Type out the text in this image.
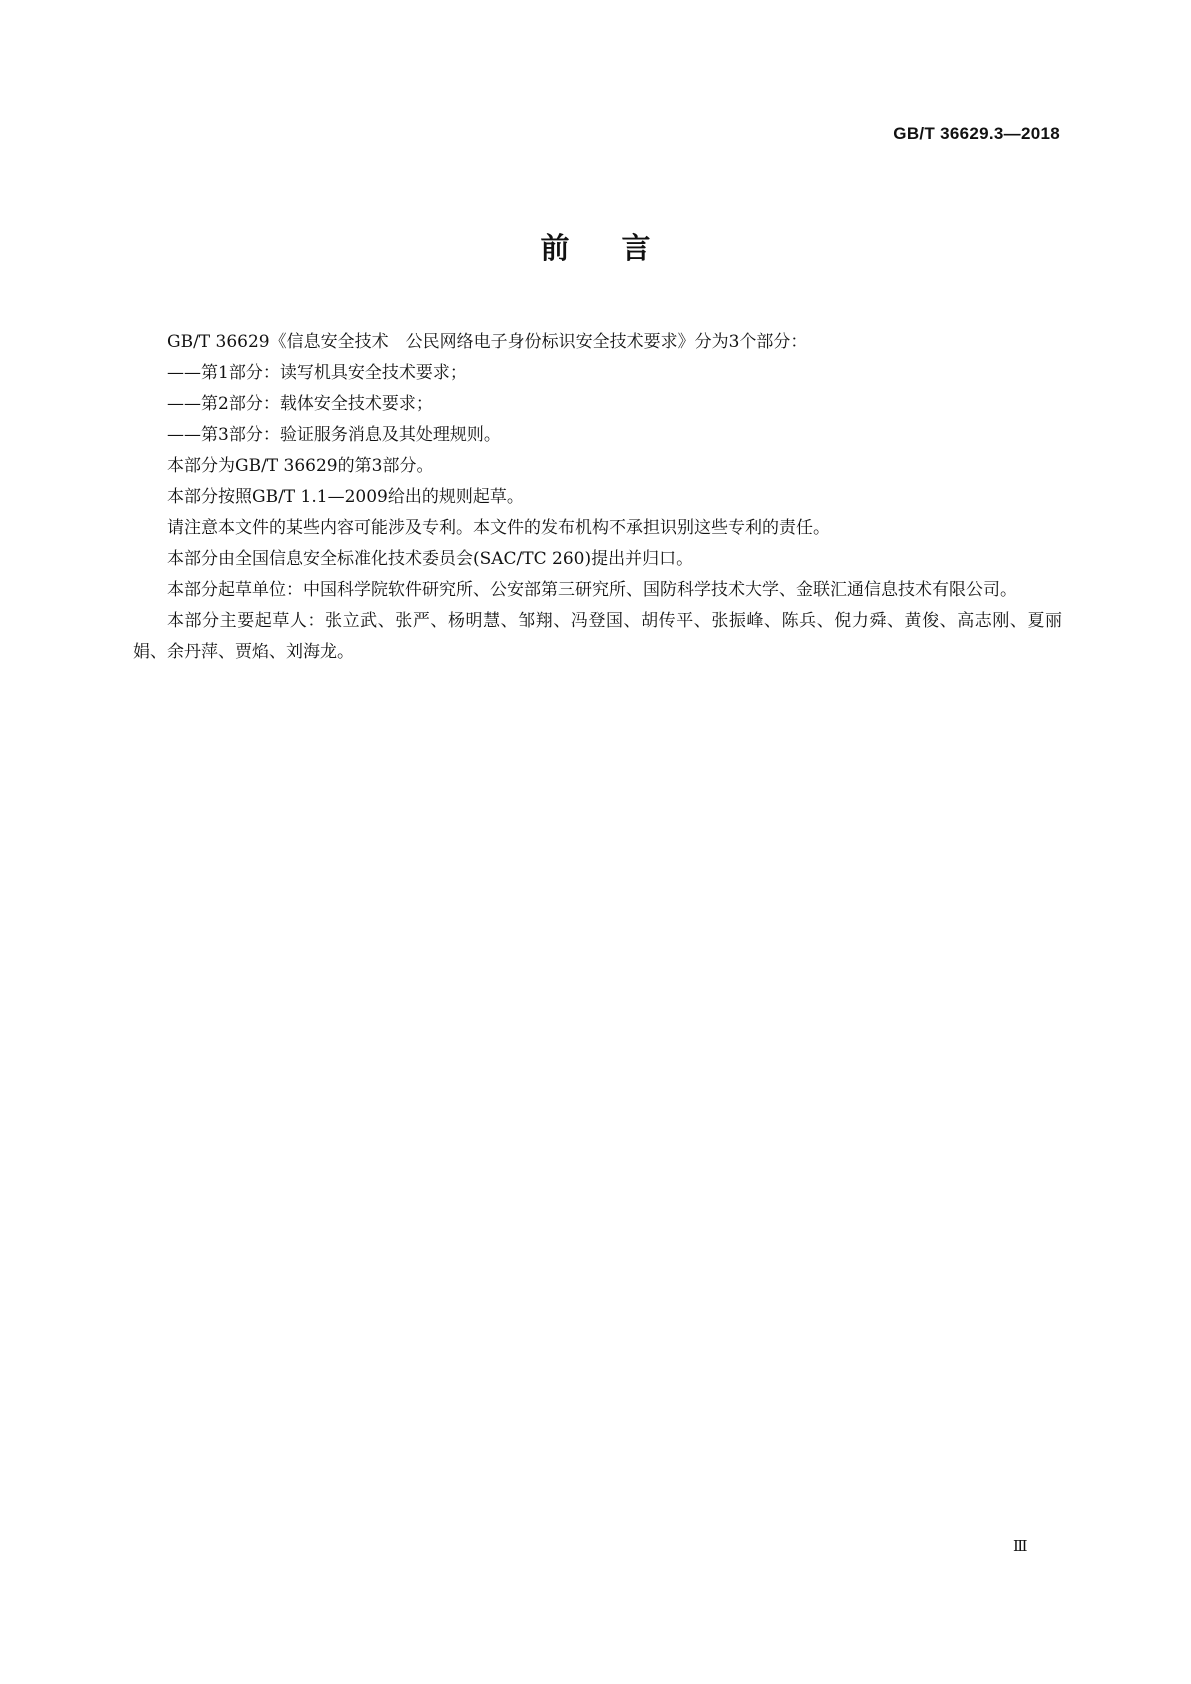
GB/T 36629.3—2018
前 言

GB/T 36629《信息安全技术　公民网络电子身份标识安全技术要求》分为3个部分：

——第1部分：读写机具安全技术要求；

——第2部分：载体安全技术要求；

——第3部分：验证服务消息及其处理规则。

本部分为GB/T 36629的第3部分。

本部分按照GB/T 1.1—2009给出的规则起草。

请注意本文件的某些内容可能涉及专利。本文件的发布机构不承担识别这些专利的责任。

本部分由全国信息安全标准化技术委员会(SAC/TC 260)提出并归口。

本部分起草单位：中国科学院软件研究所、公安部第三研究所、国防科学技术大学、金联汇通信息技术有限公司。

本部分主要起草人：张立武、张严、杨明慧、邹翔、冯登国、胡传平、张振峰、陈兵、倪力舜、黄俊、高志刚、夏丽娟、余丹萍、贾焰、刘海龙。

Ⅲ
